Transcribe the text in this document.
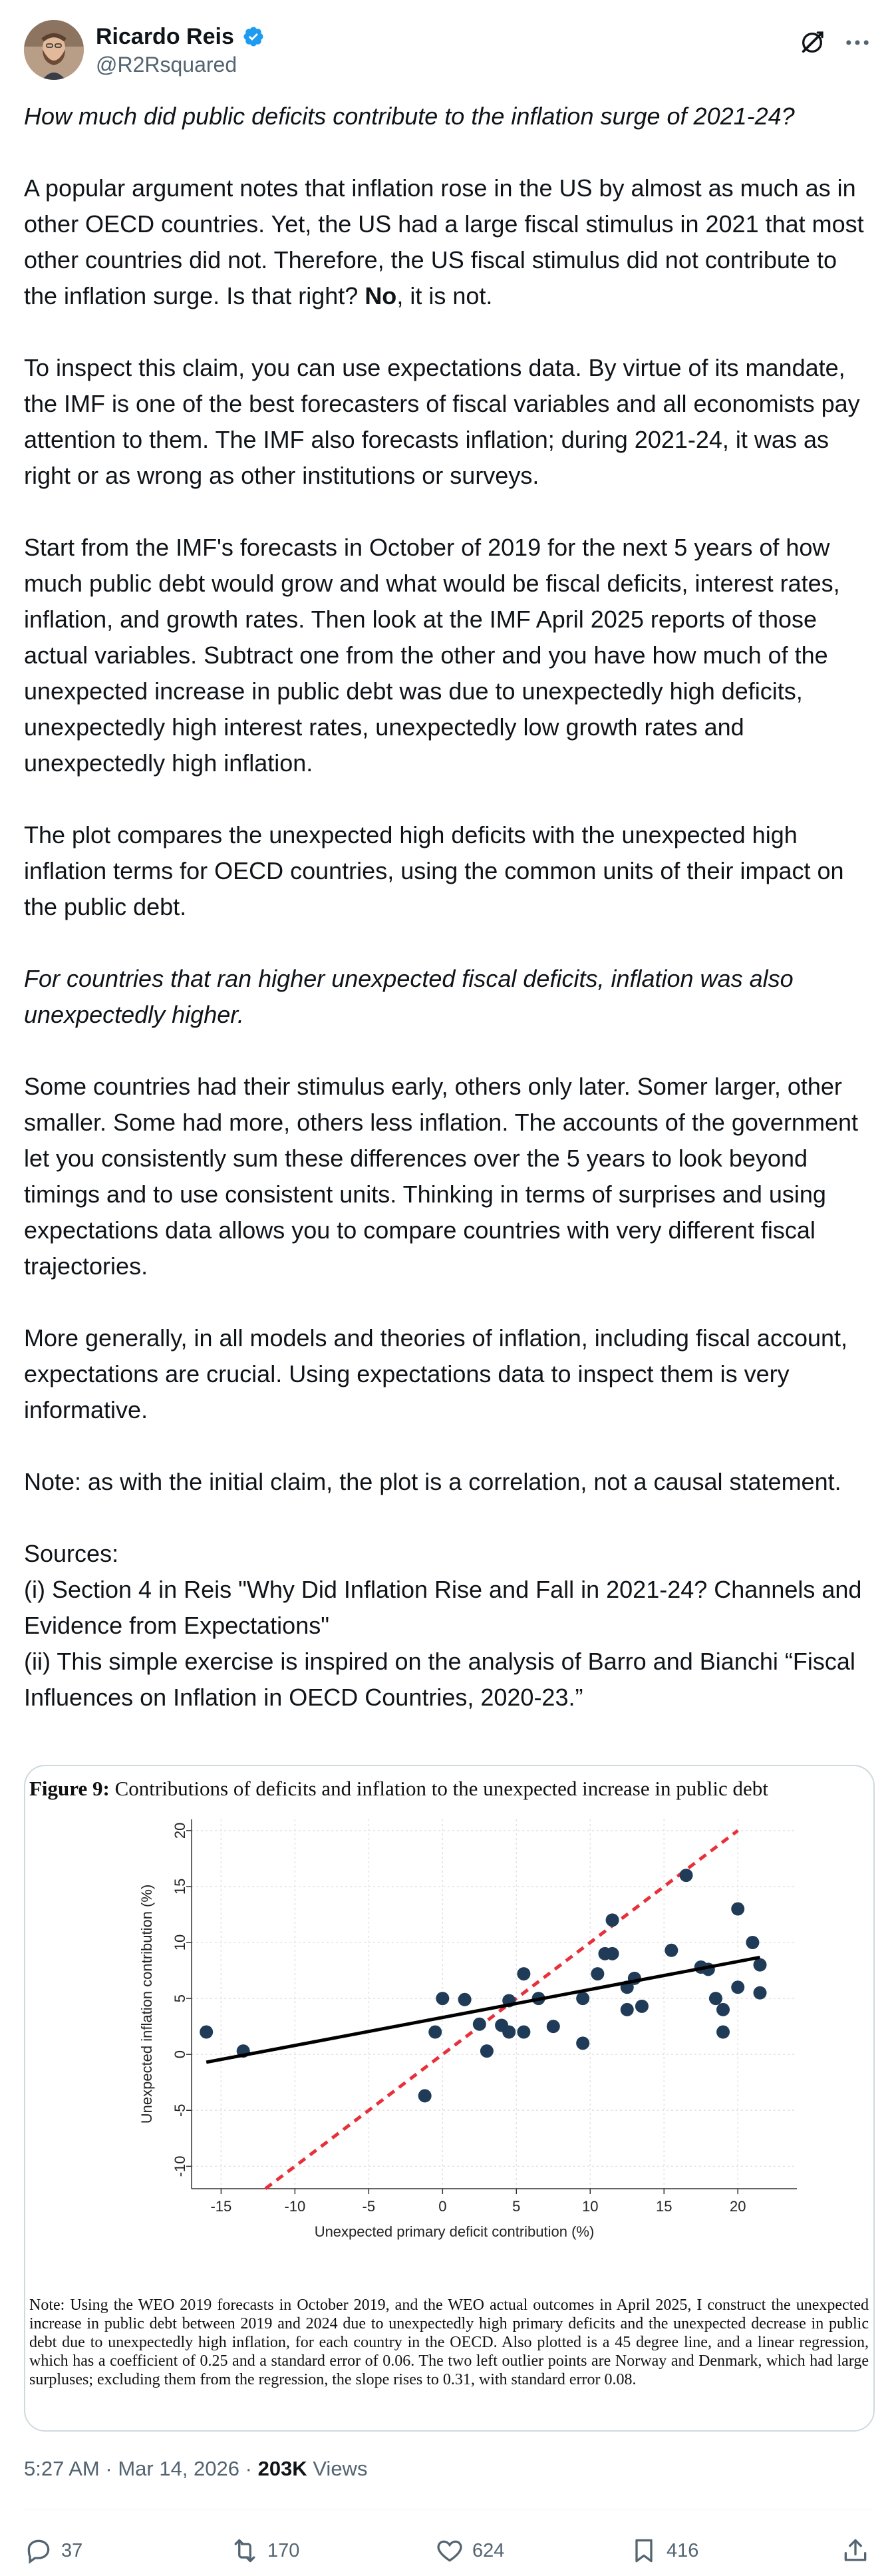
Ricardo Reis
@R2Rsquared

How much did public deficits contribute to the inflation surge of 2021-24?

A popular argument notes that inflation rose in the US by almost as much as in other OECD countries. Yet, the US had a large fiscal stimulus in 2021 that most other countries did not. Therefore, the US fiscal stimulus did not contribute to the inflation surge. Is that right? No, it is not.

To inspect this claim, you can use expectations data. By virtue of its mandate, the IMF is one of the best forecasters of fiscal variables and all economists pay attention to them. The IMF also forecasts inflation; during 2021-24, it was as right or as wrong as other institutions or surveys.

Start from the IMF's forecasts in October of 2019 for the next 5 years of how much public debt would grow and what would be fiscal deficits, interest rates, inflation, and growth rates. Then look at the IMF April 2025 reports of those actual variables. Subtract one from the other and you have how much of the unexpected increase in public debt was due to unexpectedly high deficits, unexpectedly high interest rates, unexpectedly low growth rates and unexpectedly high inflation.

The plot compares the unexpected high deficits with the unexpected high inflation terms for OECD countries, using the common units of their impact on the public debt.

For countries that ran higher unexpected fiscal deficits, inflation was also unexpectedly higher.

Some countries had their stimulus early, others only later. Somer larger, other smaller. Some had more, others less inflation. The accounts of the government let you consistently sum these differences over the 5 years to look beyond timings and to use consistent units. Thinking in terms of surprises and using expectations data allows you to compare countries with very different fiscal trajectories.

More generally, in all models and theories of inflation, including fiscal account, expectations are crucial. Using expectations data to inspect them is very informative.

Note: as with the initial claim, the plot is a correlation, not a causal statement.

Sources:

(i) Section 4 in Reis "Why Did Inflation Rise and Fall in 2021-24? Channels and Evidence from Expectations"

(ii) This simple exercise is inspired on the analysis of Barro and Bianchi “Fiscal Influences on Inflation in OECD Countries, 2020-23.”

Figure 9: Contributions of deficits and inflation to the unexpected increase in public debt
-15	-10	-5	0	5	10	15	20
-10
-5
0
5
10
15
20
Unexpected primary deficit contribution (%)
Unexpected inflation contribution (%)
Note: Using the WEO 2019 forecasts in October 2019, and the WEO actual outcomes in April 2025, I construct the unexpected increase in public debt between 2019 and 2024 due to unexpectedly high primary deficits and the unexpected decrease in public debt due to unexpectedly high inflation, for each country in the OECD. Also plotted is a 45 degree line, and a linear regression, which has a coefficient of 0.25 and a standard error of 0.06. The two left outlier points are Norway and Denmark, which had large surpluses; excluding them from the regression, the slope rises to 0.31, with standard error 0.08.
5:27 AM · Mar 14, 2026 · 203K Views
37	170	624	416
